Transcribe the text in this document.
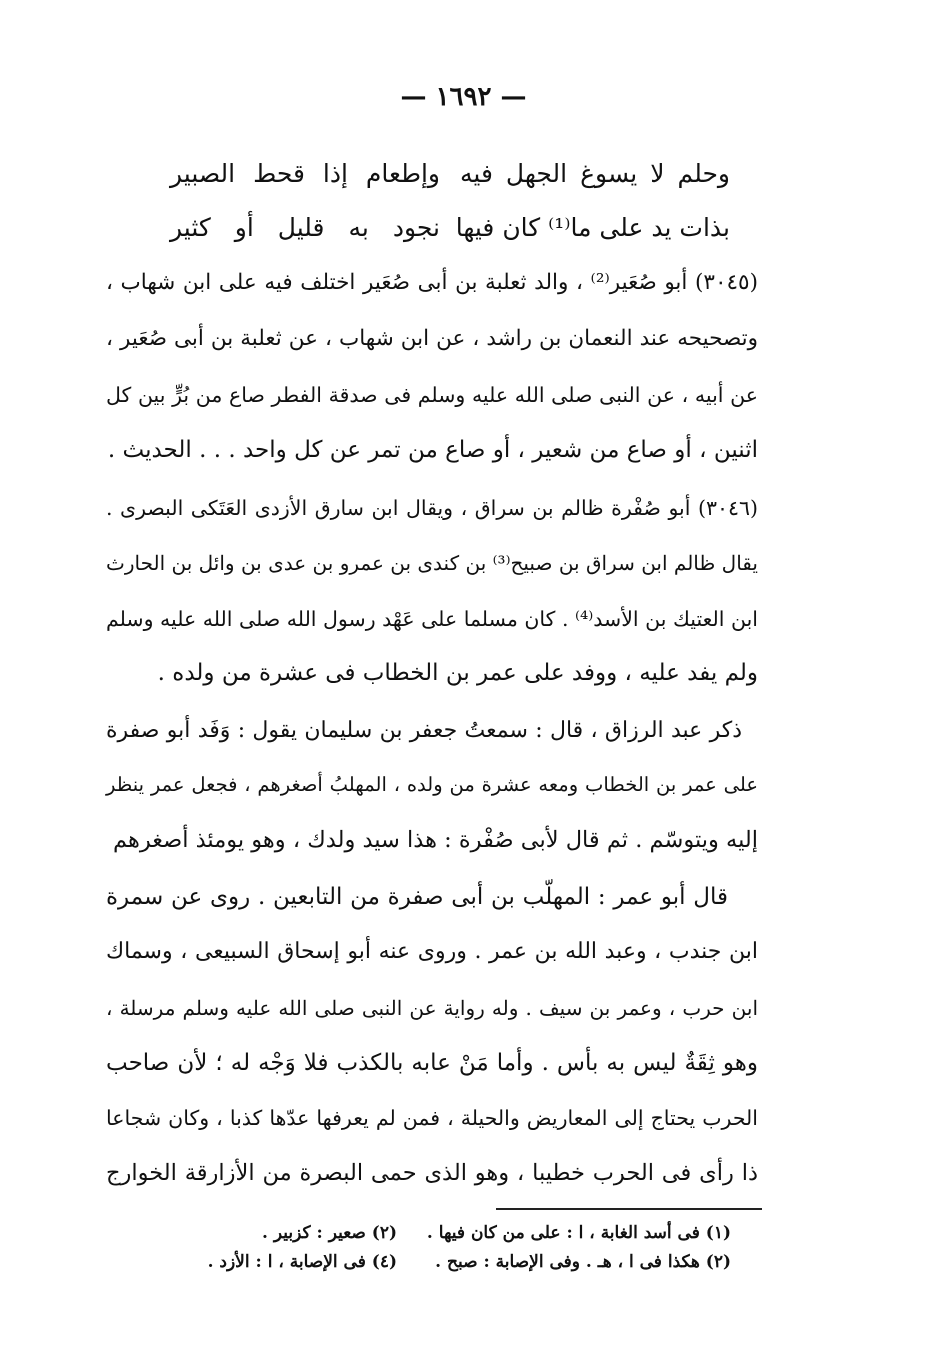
— ١٦٩٢ —
وحلم لا يسوغ الجهل فيه
وإطعام إذا قحط الصبير
بذات يد على ما⁽¹⁾ كان فيها
نجود به قليل أو كثير
(٣٠٤٥) أبو صُعَير⁽²⁾ ، والد ثعلبة بن أبى صُعَير اختلف فيه على ابن شهاب ،
وتصحيحه عند النعمان بن راشد ، عن ابن شهاب ، عن ثعلبة بن أبى صُعَير ،
عن أبيه ، عن النبى صلى الله عليه وسلم فى صدقة الفطر صاع من بُرٍّ بين كل
اثنين ، أو صاع من شعير ، أو صاع من تمر عن كل واحد . . . الحديث .
(٣٠٤٦) أبو صُفْرة ظالم بن سراق ، ويقال ابن سارق الأزدى العَتَكى البصرى .
يقال ظالم ابن سراق بن صبيح⁽³⁾ بن كندى بن عمرو بن عدى بن وائل بن الحارث
ابن العتيك بن الأسد⁽⁴⁾ . كان مسلما على عَهْد رسول الله صلى الله عليه وسلم
ولم يفد عليه ، ووفد على عمر بن الخطاب فى عشرة من ولده .
ذكر عبد الرزاق ، قال : سمعتُ جعفر بن سليمان يقول : وَفَد أبو صفرة
على عمر بن الخطاب ومعه عشرة من ولده ، المهلبُ أصغرهم ، فجعل عمر ينظر
إليه ويتوسّم . ثم قال لأبى صُفْرة : هذا سيد ولدك ، وهو يومئذ أصغرهم
قال أبو عمر : المهلّب بن أبى صفرة من التابعين . روى عن سمرة
ابن جندب ، وعبد الله بن عمر . وروى عنه أبو إسحاق السبيعى ، وسماك
ابن حرب ، وعمر بن سيف . وله رواية عن النبى صلى الله عليه وسلم مرسلة ،
وهو ثِقَةٌ ليس به بأس . وأما مَنْ عابه بالكذب فلا وَجْه له ؛ لأن صاحب
الحرب يحتاج إلى المعاريض والحيلة ، فمن لم يعرفها عدّها كذبا ، وكان شجاعا
ذا رأى فى الحرب خطيبا ، وهو الذى حمى البصرة من الأزارقة الخوارج
(١) فى أسد الغابة ، ا : على من كان فيها .
(٢) صعير : كزبير .
(٢) هكذا فى ا ، هـ . وفى الإصابة : صبح .
(٤) فى الإصابة ، ا : الأزد .
